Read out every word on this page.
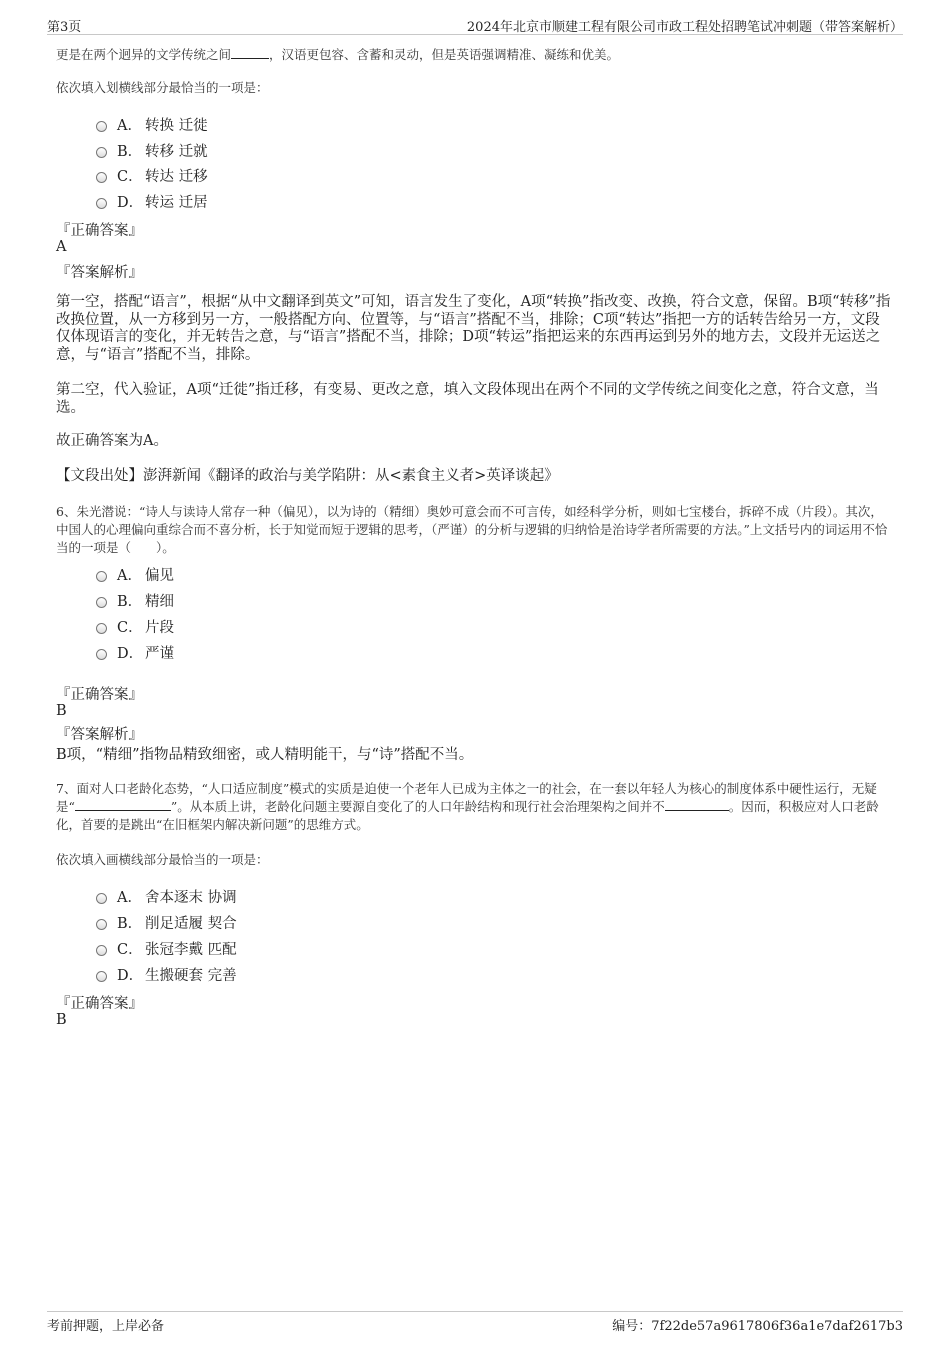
第3页	2024年北京市顺建工程有限公司市政工程处招聘笔试冲刺题（带答案解析）
更是在两个迥异的文学传统之间	，汉语更包容、含蓄和灵动，但是英语强调精准、凝练和优美。
依次填入划横线部分最恰当的一项是：
A． 转换 迁徙
B． 转移 迁就
C． 转达 迁移
D． 转运 迁居
『正确答案』
A
『答案解析』
第一空，搭配“语言”，根据“从中文翻译到英文”可知，语言发生了变化，A项“转换”指改变、改换，符合文意，保留。B项“转移”指改换位置，从一方移到另一方，一般搭配方向、位置等，与“语言”搭配不当，排除；C项“转达”指把一方的话转告给另一方，文段仅体现语言的变化，并无转告之意，与“语言”搭配不当，排除；D项“转运”指把运来的东西再运到另外的地方去，文段并无运送之意，与“语言”搭配不当，排除。
第二空，代入验证，A项“迁徙”指迁移，有变易、更改之意，填入文段体现出在两个不同的文学传统之间变化之意，符合文意，当选。
故正确答案为A。
【文段出处】澎湃新闻《翻译的政治与美学陷阱：从<素食主义者>英译谈起》
6、朱光潜说：“诗人与读诗人常存一种（偏见），以为诗的（精细）奥妙可意会而不可言传，如经科学分析，则如七宝楼台，拆碎不成（片段）。其次，中国人的心理偏向重综合而不喜分析，长于知觉而短于逻辑的思考，（严谨）的分析与逻辑的归纳恰是治诗学者所需要的方法。”上文括号内的词运用不恰当的一项是（　　）。
A． 偏见
B． 精细
C． 片段
D． 严谨
『正确答案』
B
『答案解析』
B项，“精细”指物品精致细密，或人精明能干，与“诗”搭配不当。
7、面对人口老龄化态势，“人口适应制度”模式的实质是迫使一个老年人已成为主体之一的社会，在一套以年轻人为核心的制度体系中硬性运行，无疑是“	”。从本质上讲，老龄化问题主要源自变化了的人口年龄结构和现行社会治理架构之间并不	。因而，积极应对人口老龄化，首要的是跳出“在旧框架内解决新问题”的思维方式。
依次填入画横线部分最恰当的一项是：
A． 舍本逐末 协调
B． 削足适履 契合
C． 张冠李戴 匹配
D． 生搬硬套 完善
『正确答案』
B
考前押题，上岸必备	编号：7f22de57a9617806f36a1e7daf2617b3
